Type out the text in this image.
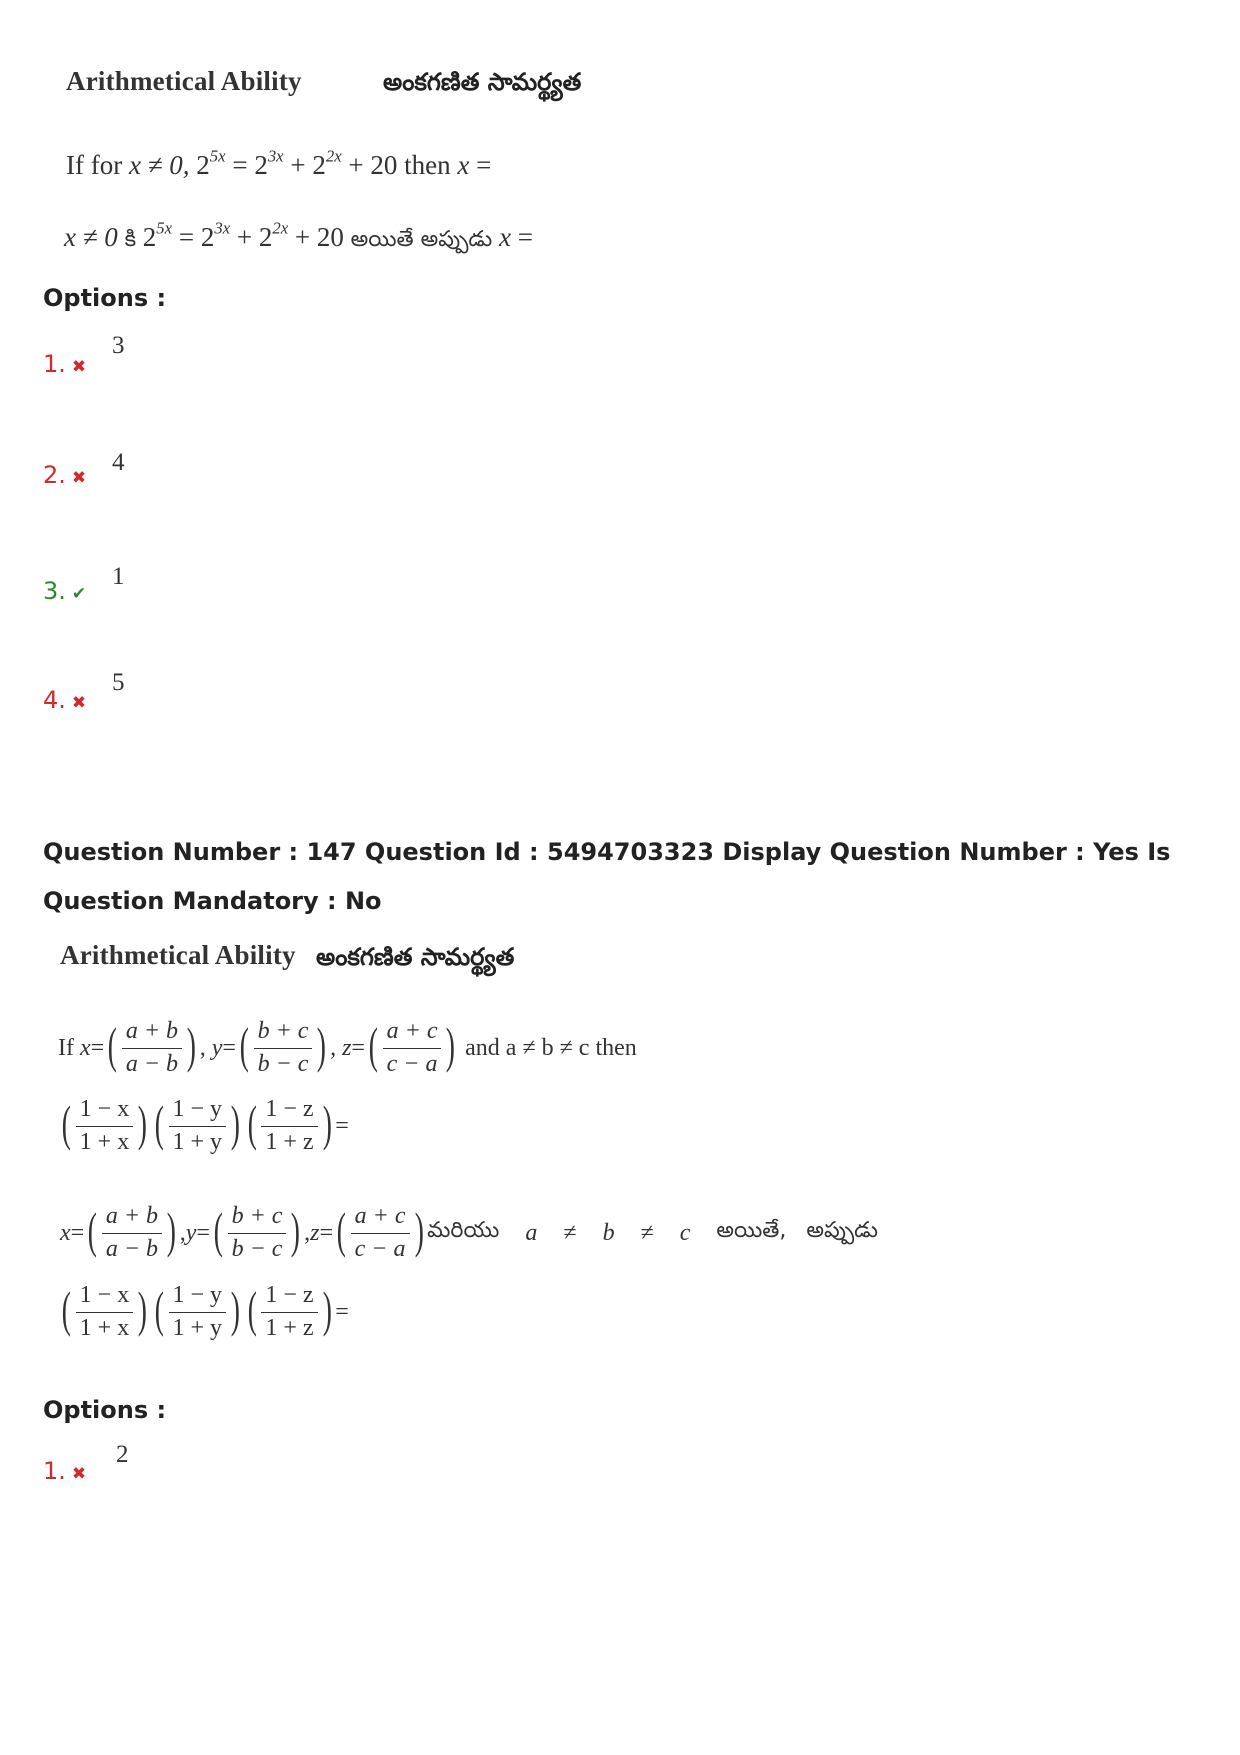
Arithmetical Ability	అంకగణిత సామర్థ్యత
If for x ≠ 0, $2^{5x} = 2^{3x} + 2^{2x} + 20$ then x =
x ≠ 0 కి $2^{5x} = 2^{3x} + 2^{2x} + 20$ అయితే అప్పుడు x =
Options :
1. ✖
3
2. ✖
4
3. ✔
1
4. ✖
5
Question Number : 147 Question Id : 5494703323 Display Question Number : Yes Is Question Mandatory : No
Arithmetical Ability అంకగణిత సామర్థ్యత
If x = ( $\frac{a + b}{a - b}$ ) , y = ( $\frac{b + c}{b - c}$ ) , z = ( $\frac{a + c}{c - a}$ ) and a ≠ b ≠ c then
( $\frac{1 - x}{1 + x}$ ) ( $\frac{1 - y}{1 + y}$ ) ( $\frac{1 - z}{1 + z}$ ) =
x = ( $\frac{a + b}{a - b}$ ) , y = ( $\frac{b + c}{b - c}$ ) , z = ( $\frac{a + c}{c - a}$ ) మరియు a ≠ b ≠ c అయితే, అప్పుడు
( $\frac{1 - x}{1 + x}$ ) ( $\frac{1 - y}{1 + y}$ ) ( $\frac{1 - z}{1 + z}$ ) =
Options :
1. ✖
2
